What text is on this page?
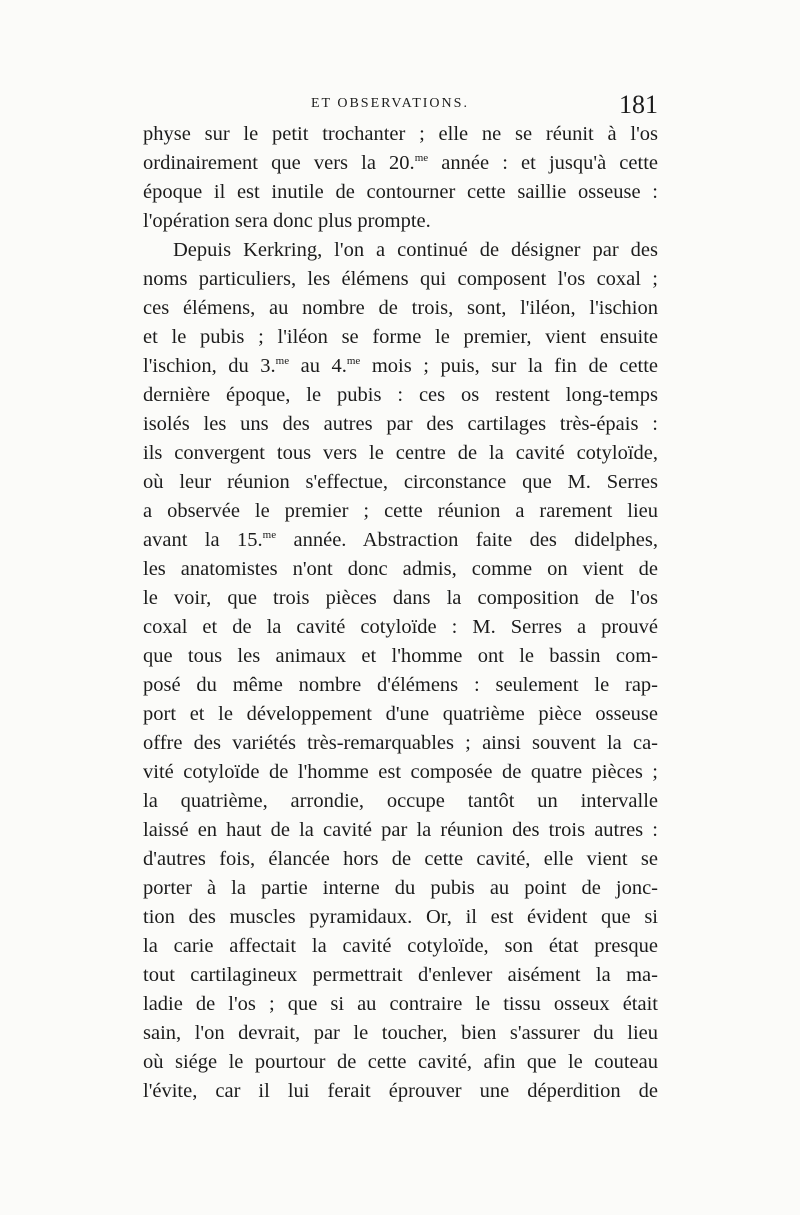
ET OBSERVATIONS.	181
physe sur le petit trochanter ; elle ne se réunit à l'os
ordinairement que vers la 20.$^{me}$ année : et jusqu'à cette
époque il est inutile de contourner cette saillie osseuse :
l'opération sera donc plus prompte.
Depuis Kerkring, l'on a continué de désigner par des
noms particuliers, les élémens qui composent l'os coxal ;
ces élémens, au nombre de trois, sont, l'iléon, l'ischion
et le pubis ; l'iléon se forme le premier, vient ensuite
l'ischion, du 3.$^{me}$ au 4.$^{me}$ mois ; puis, sur la fin de cette
dernière époque, le pubis : ces os restent long-temps
isolés les uns des autres par des cartilages très-épais :
ils convergent tous vers le centre de la cavité cotyloïde,
où leur réunion s'effectue, circonstance que M. Serres
a observée le premier ; cette réunion a rarement lieu
avant la 15.$^{me}$ année. Abstraction faite des didelphes,
les anatomistes n'ont donc admis, comme on vient de
le voir, que trois pièces dans la composition de l'os
coxal et de la cavité cotyloïde : M. Serres a prouvé
que tous les animaux et l'homme ont le bassin com-
posé du même nombre d'élémens : seulement le rap-
port et le développement d'une quatrième pièce osseuse
offre des variétés très-remarquables ; ainsi souvent la ca-
vité cotyloïde de l'homme est composée de quatre pièces ;
la quatrième, arrondie, occupe tantôt un intervalle
laissé en haut de la cavité par la réunion des trois autres :
d'autres fois, élancée hors de cette cavité, elle vient se
porter à la partie interne du pubis au point de jonc-
tion des muscles pyramidaux. Or, il est évident que si
la carie affectait la cavité cotyloïde, son état presque
tout cartilagineux permettrait d'enlever aisément la ma-
ladie de l'os ; que si au contraire le tissu osseux était
sain, l'on devrait, par le toucher, bien s'assurer du lieu
où siége le pourtour de cette cavité, afin que le couteau
l'évite, car il lui ferait éprouver une déperdition de
